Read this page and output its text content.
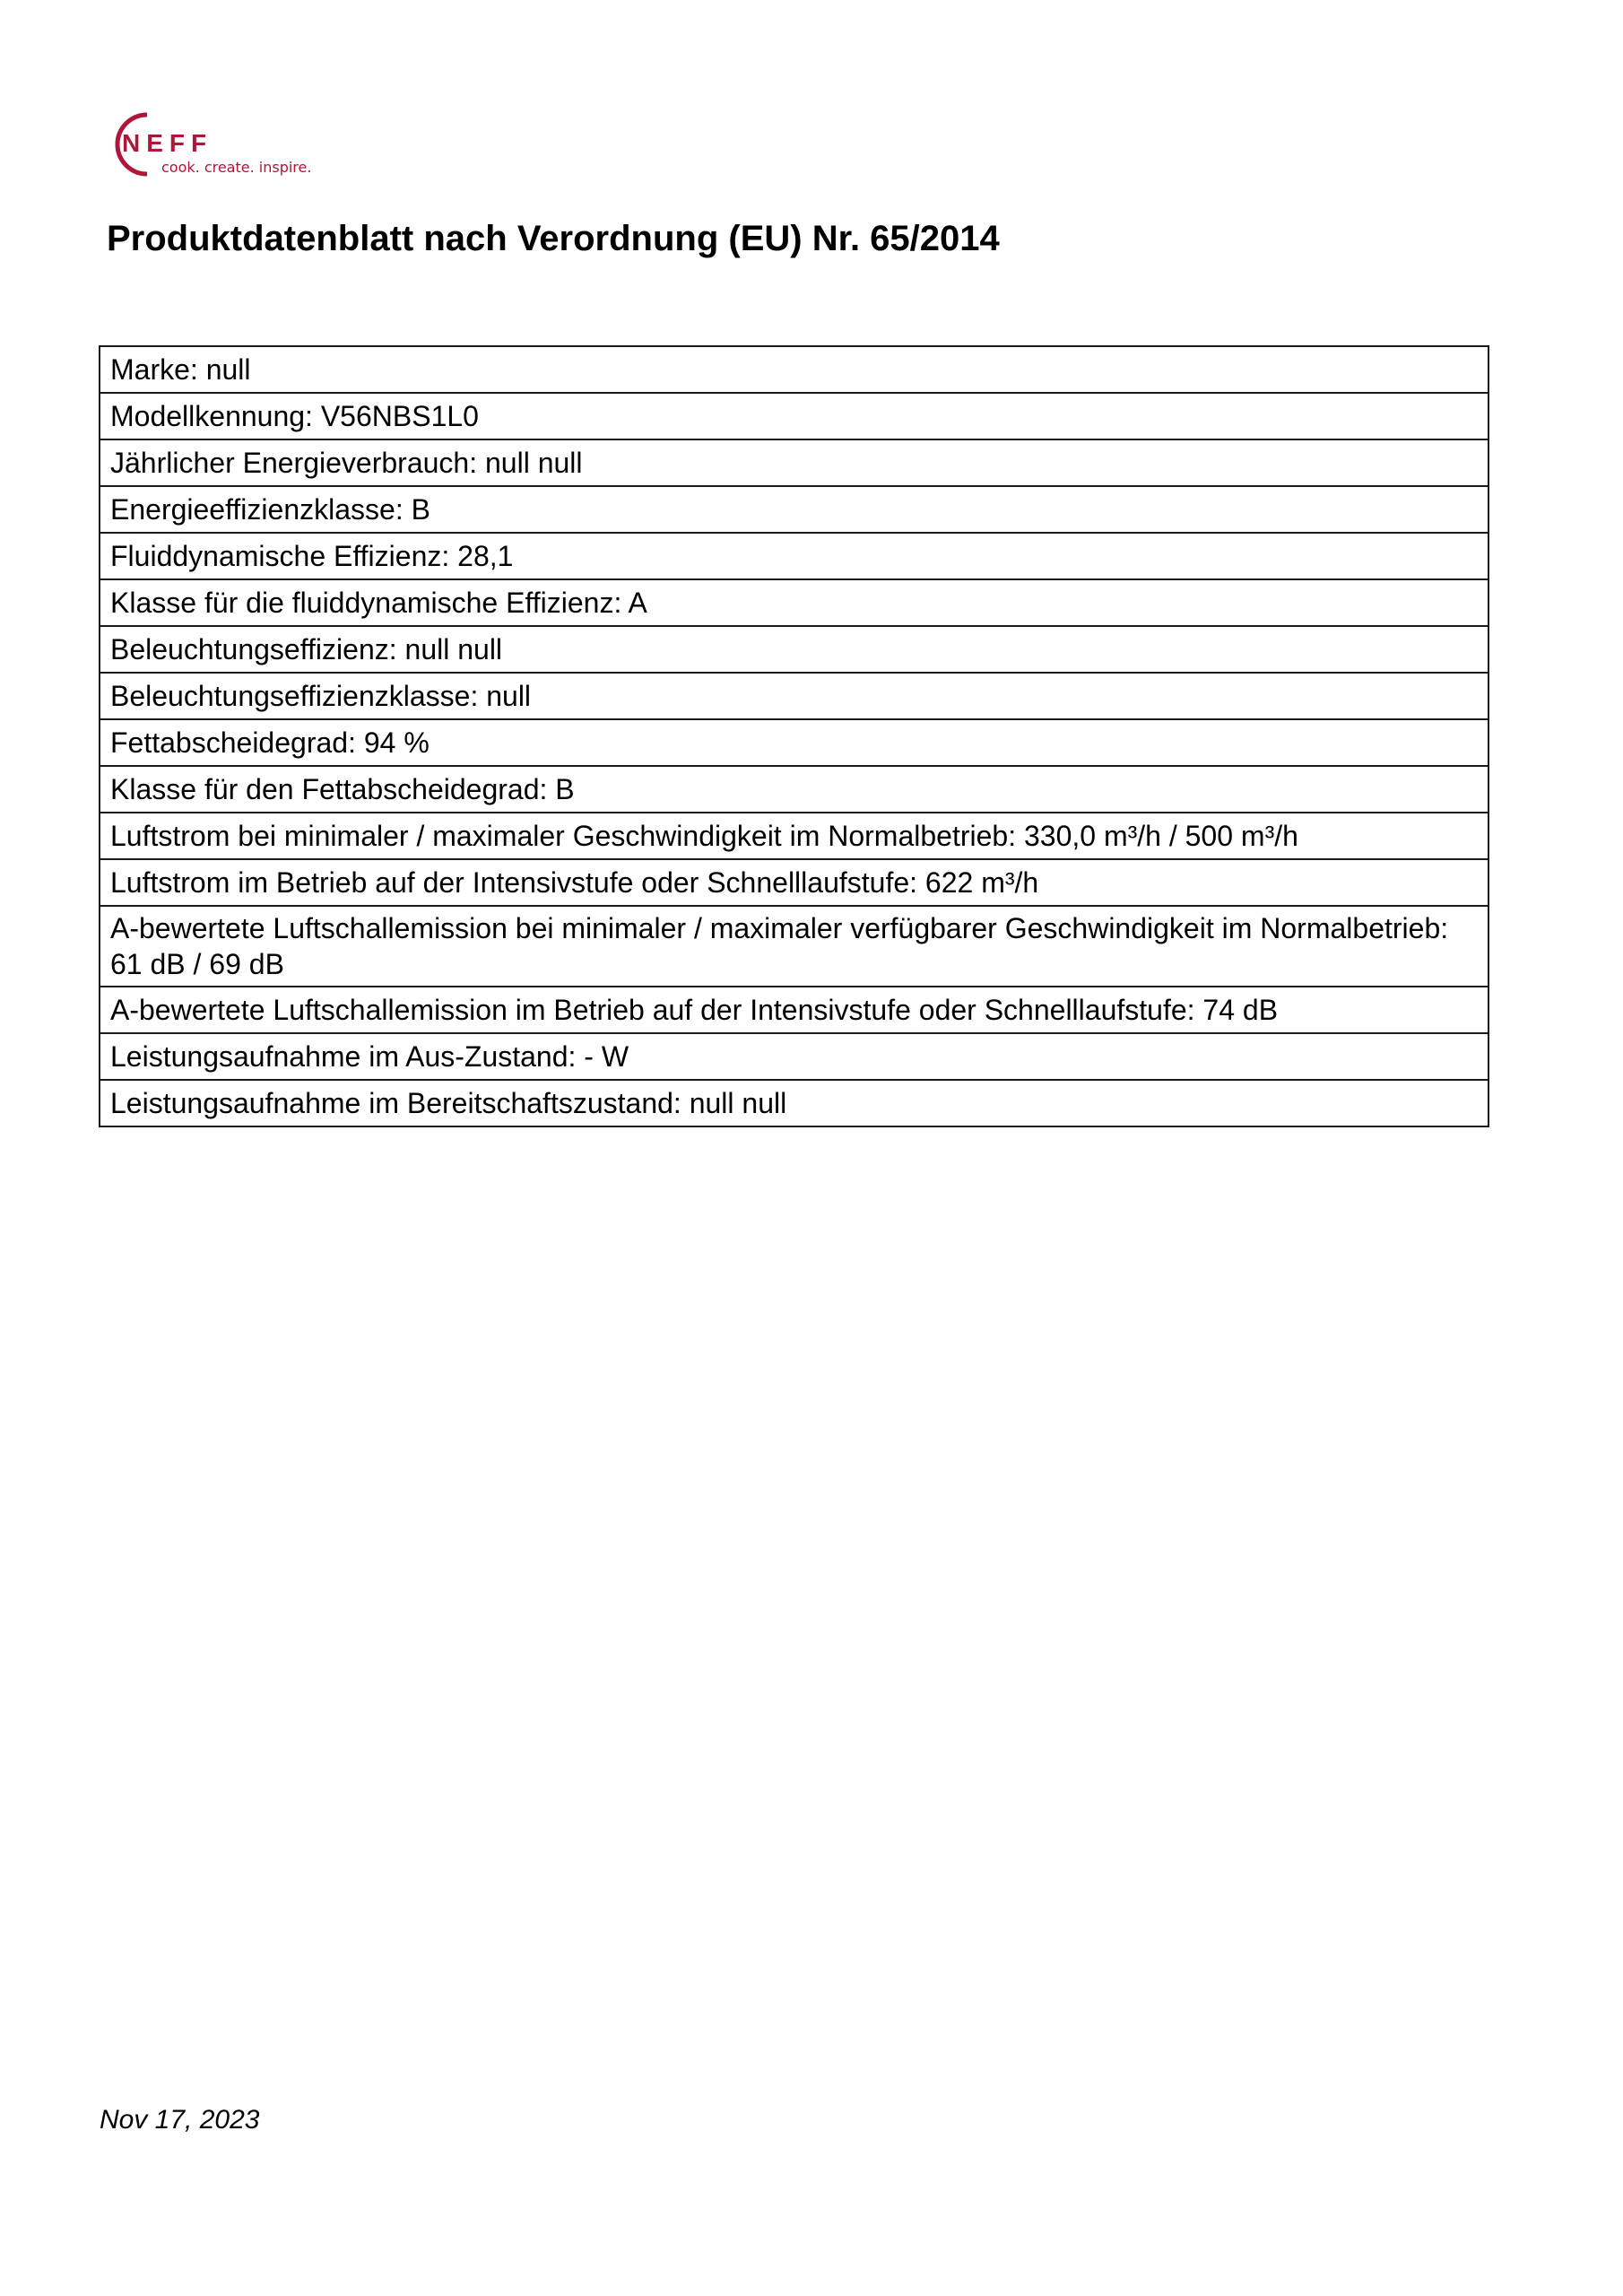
NEFF
cook. create. inspire.
Produktdatenblatt nach Verordnung (EU) Nr. 65/2014
Marke: null
Modellkennung: V56NBS1L0
Jährlicher Energieverbrauch: null null
Energieeffizienzklasse: B
Fluiddynamische Effizienz: 28,1
Klasse für die fluiddynamische Effizienz: A
Beleuchtungseffizienz: null null
Beleuchtungseffizienzklasse: null
Fettabscheidegrad: 94 %
Klasse für den Fettabscheidegrad: B
Luftstrom bei minimaler / maximaler Geschwindigkeit im Normalbetrieb: 330,0 m³/h / 500 m³/h
Luftstrom im Betrieb auf der Intensivstufe oder Schnelllaufstufe: 622 m³/h
A-bewertete Luftschallemission bei minimaler / maximaler verfügbarer Geschwindigkeit im Normalbetrieb: 61 dB / 69 dB
A-bewertete Luftschallemission im Betrieb auf der Intensivstufe oder Schnelllaufstufe: 74 dB
Leistungsaufnahme im Aus-Zustand: - W
Leistungsaufnahme im Bereitschaftszustand: null null
Nov 17, 2023
